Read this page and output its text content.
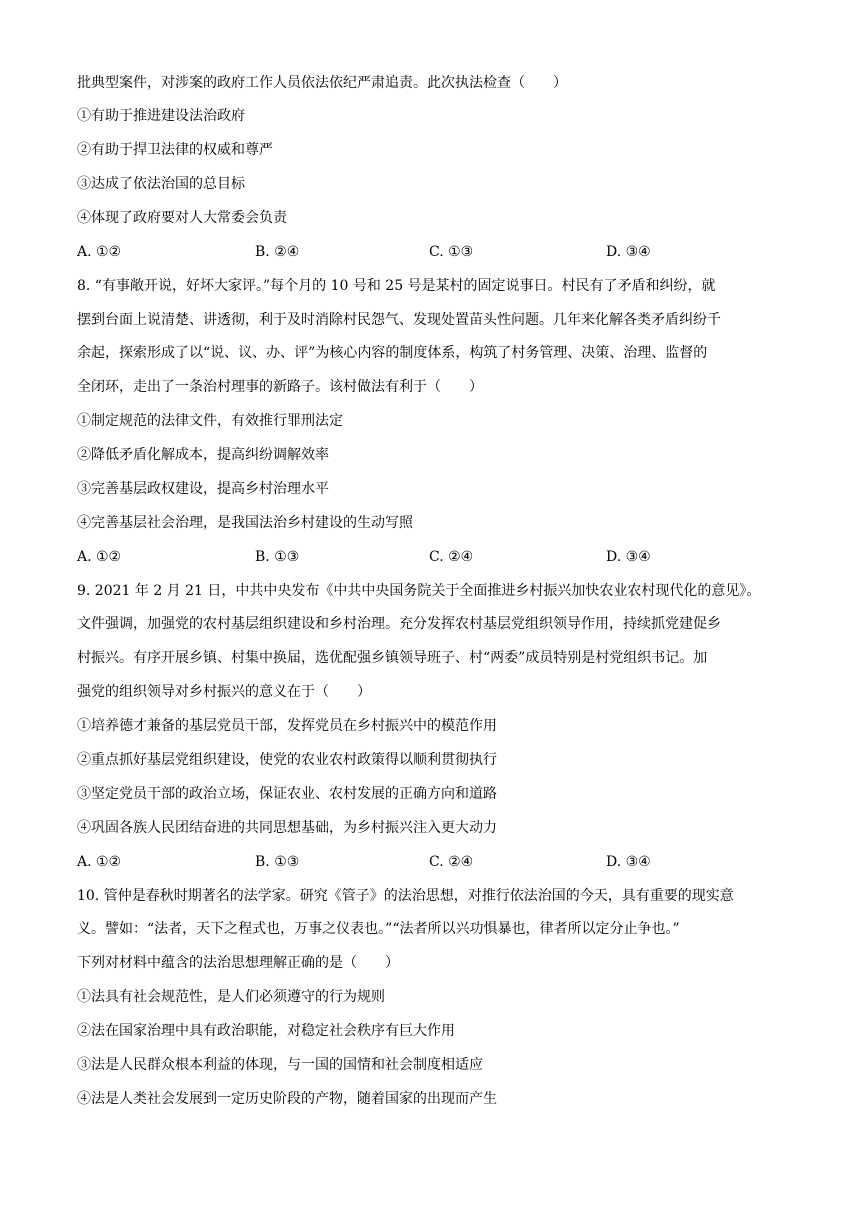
批典型案件，对涉案的政府工作人员依法依纪严肃追责。此次执法检查（　　）
①有助于推进建设法治政府
②有助于捍卫法律的权威和尊严
③达成了依法治国的总目标
④体现了政府要对人大常委会负责
A. ①②	B. ②④	C. ①③	D. ③④
8. “有事敞开说，好坏大家评。”每个月的 10 号和 25 号是某村的固定说事日。村民有了矛盾和纠纷，就
摆到台面上说清楚、讲透彻，利于及时消除村民怨气、发现处置苗头性问题。几年来化解各类矛盾纠纷千
余起，探索形成了以“说、议、办、评”为核心内容的制度体系，构筑了村务管理、决策、治理、监督的
全闭环，走出了一条治村理事的新路子。该村做法有利于（　　）
①制定规范的法律文件，有效推行罪刑法定
②降低矛盾化解成本，提高纠纷调解效率
③完善基层政权建设，提高乡村治理水平
④完善基层社会治理，是我国法治乡村建设的生动写照
A. ①②	B. ①③	C. ②④	D. ③④
9. 2021 年 2 月 21 日，中共中央发布《中共中央国务院关于全面推进乡村振兴加快农业农村现代化的意见》。
文件强调，加强党的农村基层组织建设和乡村治理。充分发挥农村基层党组织领导作用，持续抓党建促乡
村振兴。有序开展乡镇、村集中换届，选优配强乡镇领导班子、村“两委”成员特别是村党组织书记。加
强党的组织领导对乡村振兴的意义在于（　　）
①培养德才兼备的基层党员干部，发挥党员在乡村振兴中的模范作用
②重点抓好基层党组织建设，使党的农业农村政策得以顺利贯彻执行
③坚定党员干部的政治立场，保证农业、农村发展的正确方向和道路
④巩固各族人民团结奋进的共同思想基础，为乡村振兴注入更大动力
A. ①②	B. ①③	C. ②④	D. ③④
10. 管仲是春秋时期著名的法学家。研究《管子》的法治思想，对推行依法治国的今天，具有重要的现实意
义。譬如：“法者，天下之程式也，万事之仪表也。”“法者所以兴功惧暴也，律者所以定分止争也。”
下列对材料中蕴含的法治思想理解正确的是（　　）
①法具有社会规范性，是人们必须遵守的行为规则
②法在国家治理中具有政治职能，对稳定社会秩序有巨大作用
③法是人民群众根本利益的体现，与一国的国情和社会制度相适应
④法是人类社会发展到一定历史阶段的产物，随着国家的出现而产生
